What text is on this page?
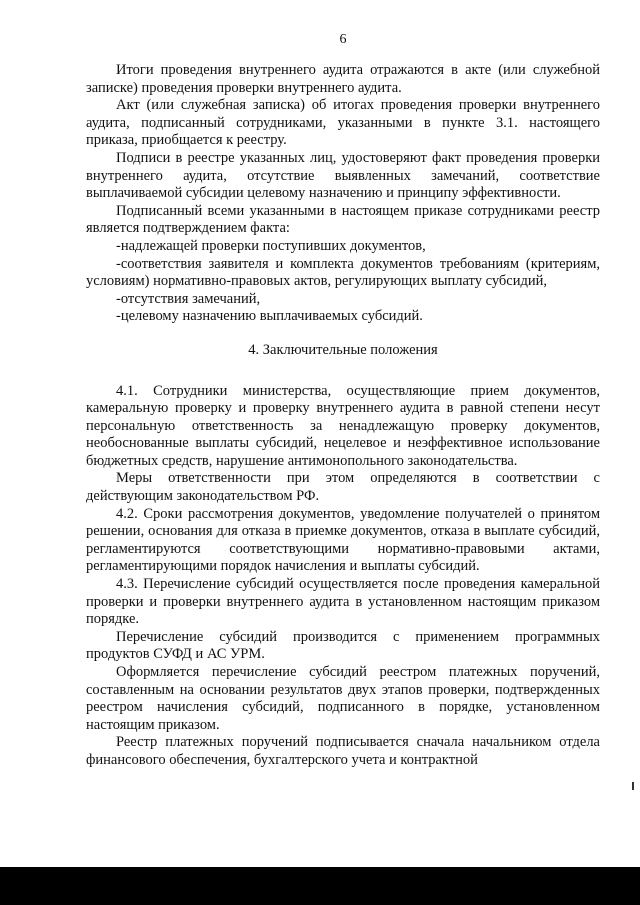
6

Итоги проведения внутреннего аудита отражаются в акте (или служебной записке) проведения проверки внутреннего аудита.

Акт (или служебная записка) об итогах проведения проверки внутреннего аудита, подписанный сотрудниками, указанными в пункте 3.1. настоящего приказа, приобщается к реестру.

Подписи в реестре указанных лиц, удостоверяют факт проведения проверки внутреннего аудита, отсутствие выявленных замечаний, соответствие выплачиваемой субсидии целевому назначению и принципу эффективности.

Подписанный всеми указанными в настоящем приказе сотрудниками реестр является подтверждением факта:

-надлежащей проверки поступивших документов,

-соответствия заявителя и комплекта документов требованиям (критериям, условиям) нормативно-правовых актов, регулирующих выплату субсидий,

-отсутствия замечаний,

-целевому назначению выплачиваемых субсидий.

4. Заключительные положения

4.1. Сотрудники министерства, осуществляющие прием документов, камеральную проверку и проверку внутреннего аудита в равной степени несут персональную ответственность за ненадлежащую проверку документов, необоснованные выплаты субсидий, нецелевое и неэффективное использование бюджетных средств, нарушение антимонопольного законодательства.

Меры ответственности при этом определяются в соответствии с действующим законодательством РФ.

4.2. Сроки рассмотрения документов, уведомление получателей о принятом решении, основания для отказа в приемке документов, отказа в выплате субсидий, регламентируются соответствующими нормативно-правовыми актами, регламентирующими порядок начисления и выплаты субсидий.

4.3. Перечисление субсидий осуществляется после проведения камеральной проверки и проверки внутреннего аудита в установленном настоящим приказом порядке.

Перечисление субсидий производится с применением программных продуктов СУФД и АС УРМ.

Оформляется перечисление субсидий реестром платежных поручений, составленным на основании результатов двух этапов проверки, подтвержденных реестром начисления субсидий, подписанного в порядке, установленном настоящим приказом.

Реестр платежных поручений подписывается сначала начальником отдела финансового обеспечения, бухгалтерского учета и контрактной
